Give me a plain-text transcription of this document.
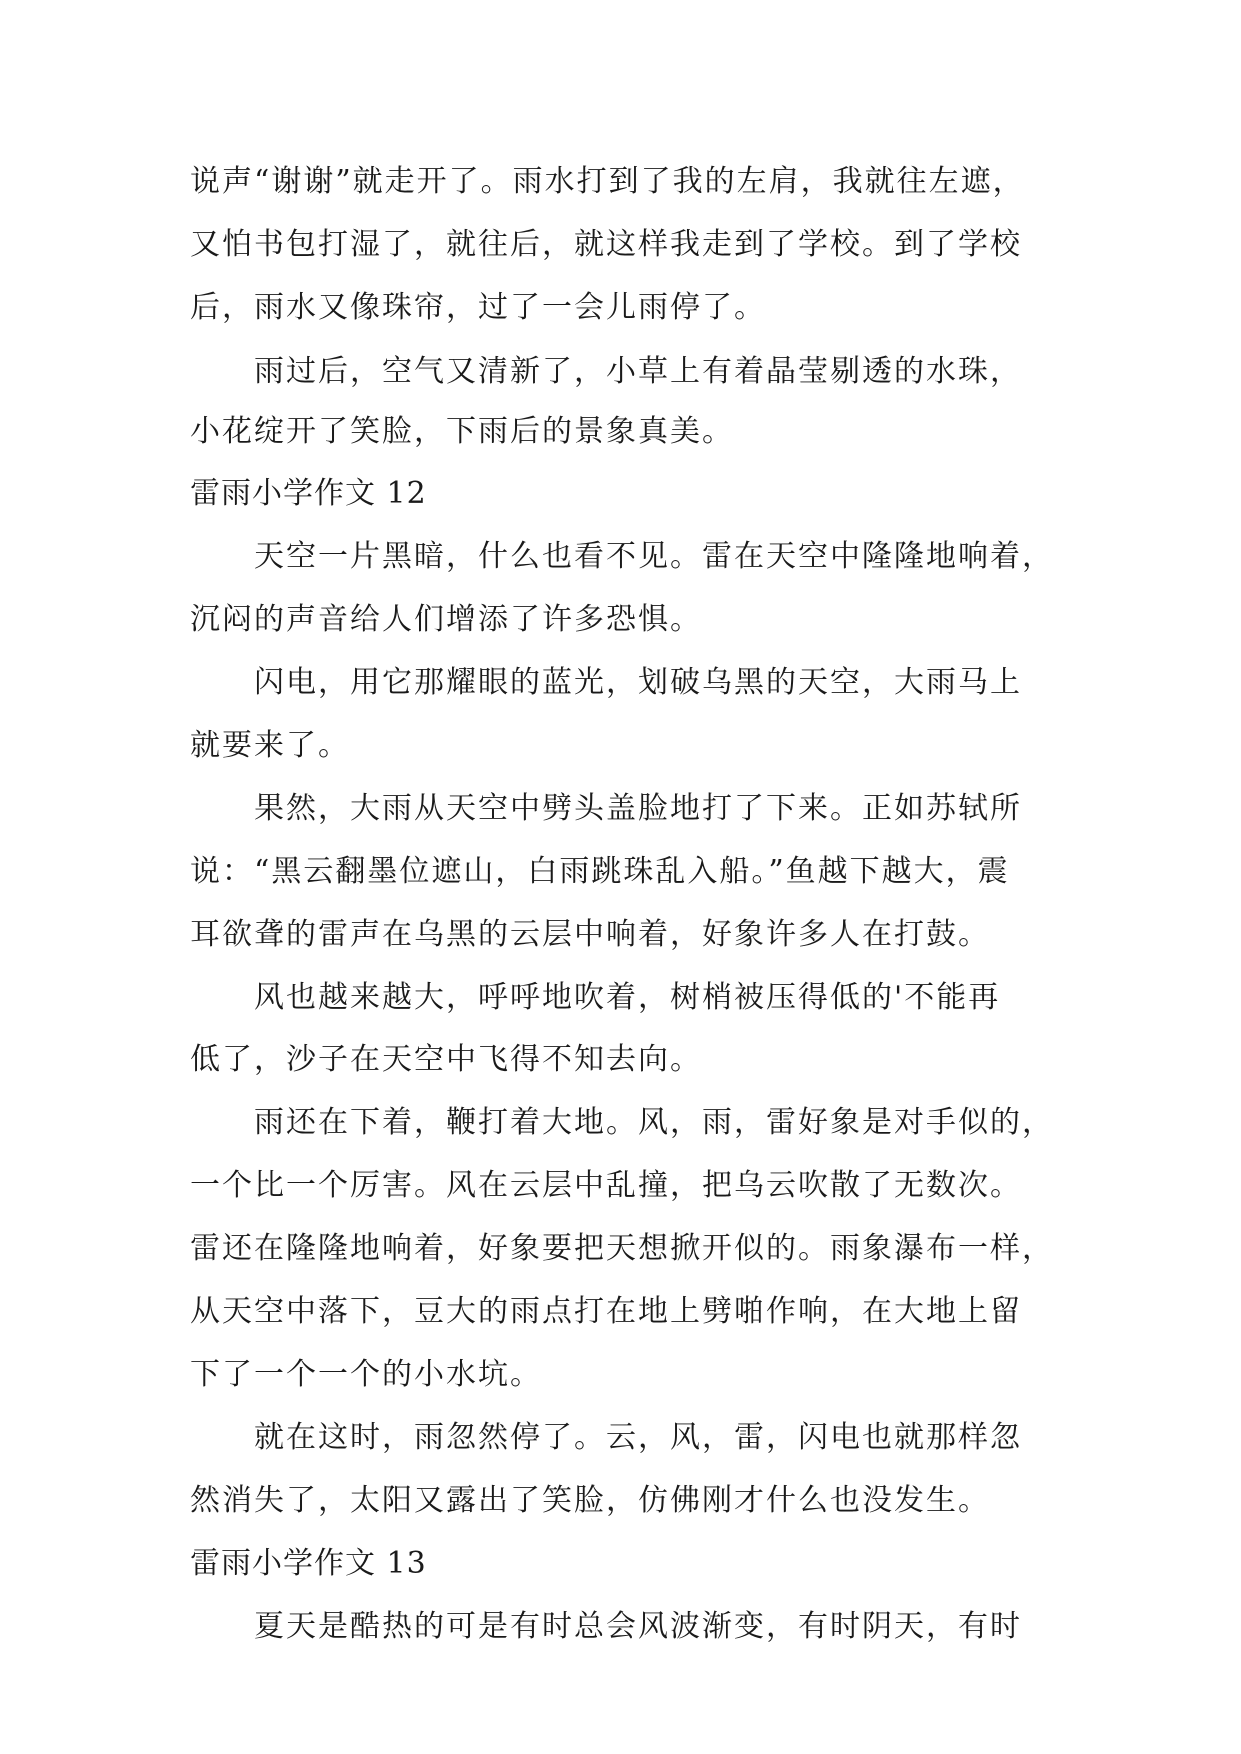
说声“谢谢”就走开了。雨水打到了我的左肩，我就往左遮，
又怕书包打湿了，就往后，就这样我走到了学校。到了学校
后，雨水又像珠帘，过了一会儿雨停了。
雨过后，空气又清新了，小草上有着晶莹剔透的水珠，
小花绽开了笑脸，下雨后的景象真美。
雷雨小学作文 12
天空一片黑暗，什么也看不见。雷在天空中隆隆地响着，
沉闷的声音给人们增添了许多恐惧。
闪电，用它那耀眼的蓝光，划破乌黑的天空，大雨马上
就要来了。
果然，大雨从天空中劈头盖脸地打了下来。正如苏轼所
说：“黑云翻墨位遮山，白雨跳珠乱入船。”鱼越下越大，震
耳欲聋的雷声在乌黑的云层中响着，好象许多人在打鼓。
风也越来越大，呼呼地吹着，树梢被压得低的'不能再
低了，沙子在天空中飞得不知去向。
雨还在下着，鞭打着大地。风，雨，雷好象是对手似的，
一个比一个厉害。风在云层中乱撞，把乌云吹散了无数次。
雷还在隆隆地响着，好象要把天想掀开似的。雨象瀑布一样，
从天空中落下，豆大的雨点打在地上劈啪作响，在大地上留
下了一个一个的小水坑。
就在这时，雨忽然停了。云，风，雷，闪电也就那样忽
然消失了，太阳又露出了笑脸，仿佛刚才什么也没发生。
雷雨小学作文 13
夏天是酷热的可是有时总会风波渐变，有时阴天，有时
